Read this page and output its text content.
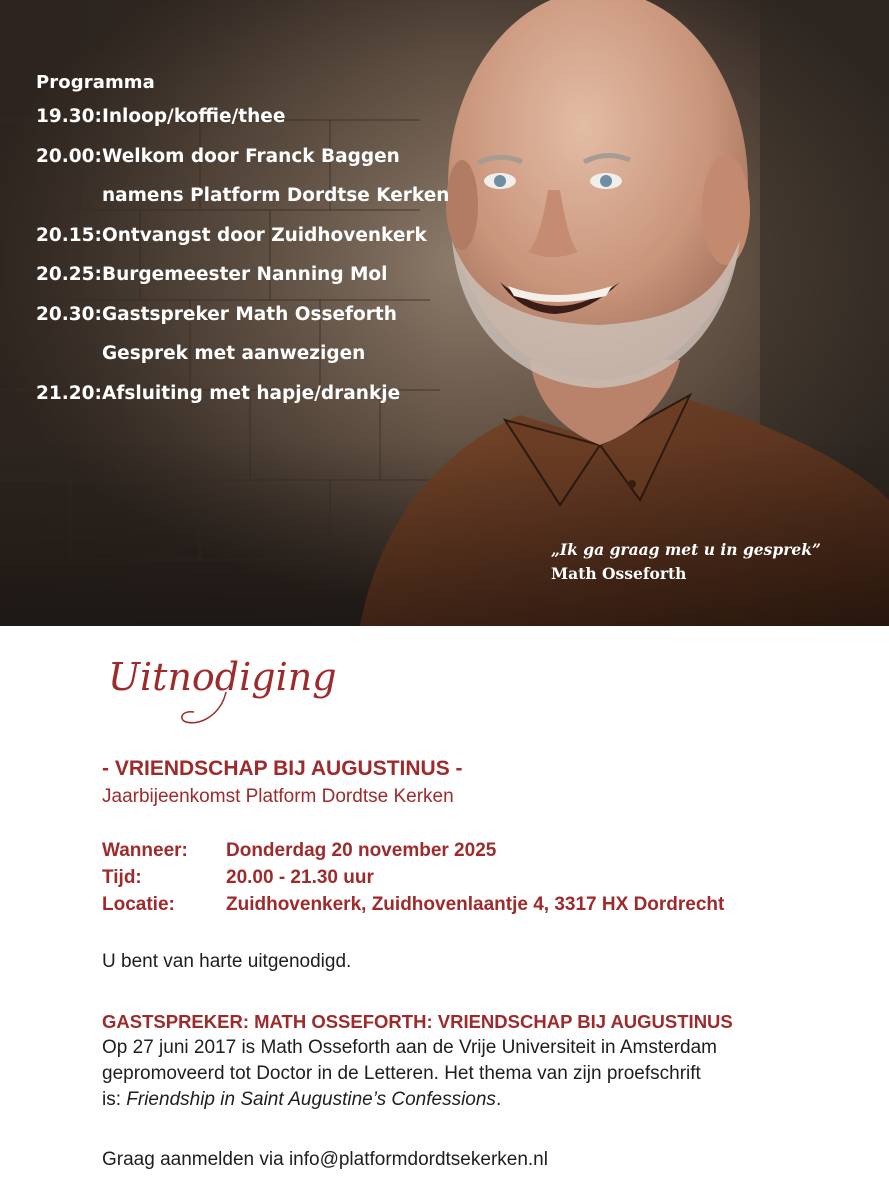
Programma
19.30: Inloop/koffie/thee
20.00: Welkom door Franck Baggen
namens Platform Dordtse Kerken
20.15: Ontvangst door Zuidhovenkerk
20.25: Burgemeester Nanning Mol
20.30: Gastspreker Math Osseforth
Gesprek met aanwezigen
21.20: Afsluiting met hapje/drankje
„Ik ga graag met u in gesprek”
Math Osseforth
Uitnodiging
- VRIENDSCHAP BIJ AUGUSTINUS -
Jaarbijeenkomst Platform Dordtse Kerken
Wanneer:	Donderdag 20 november 2025
Tijd:	20.00 - 21.30 uur
Locatie:	Zuidhovenkerk, Zuidhovenlaantje 4, 3317 HX Dordrecht
U bent van harte uitgenodigd.
GASTSPREKER: MATH OSSEFORTH: VRIENDSCHAP BIJ AUGUSTINUS
Op 27 juni 2017 is Math Osseforth aan de Vrije Universiteit in Amsterdam
gepromoveerd tot Doctor in de Letteren. Het thema van zijn proefschrift
is: Friendship in Saint Augustine’s Confessions.
Graag aanmelden via info@platformdordtsekerken.nl
